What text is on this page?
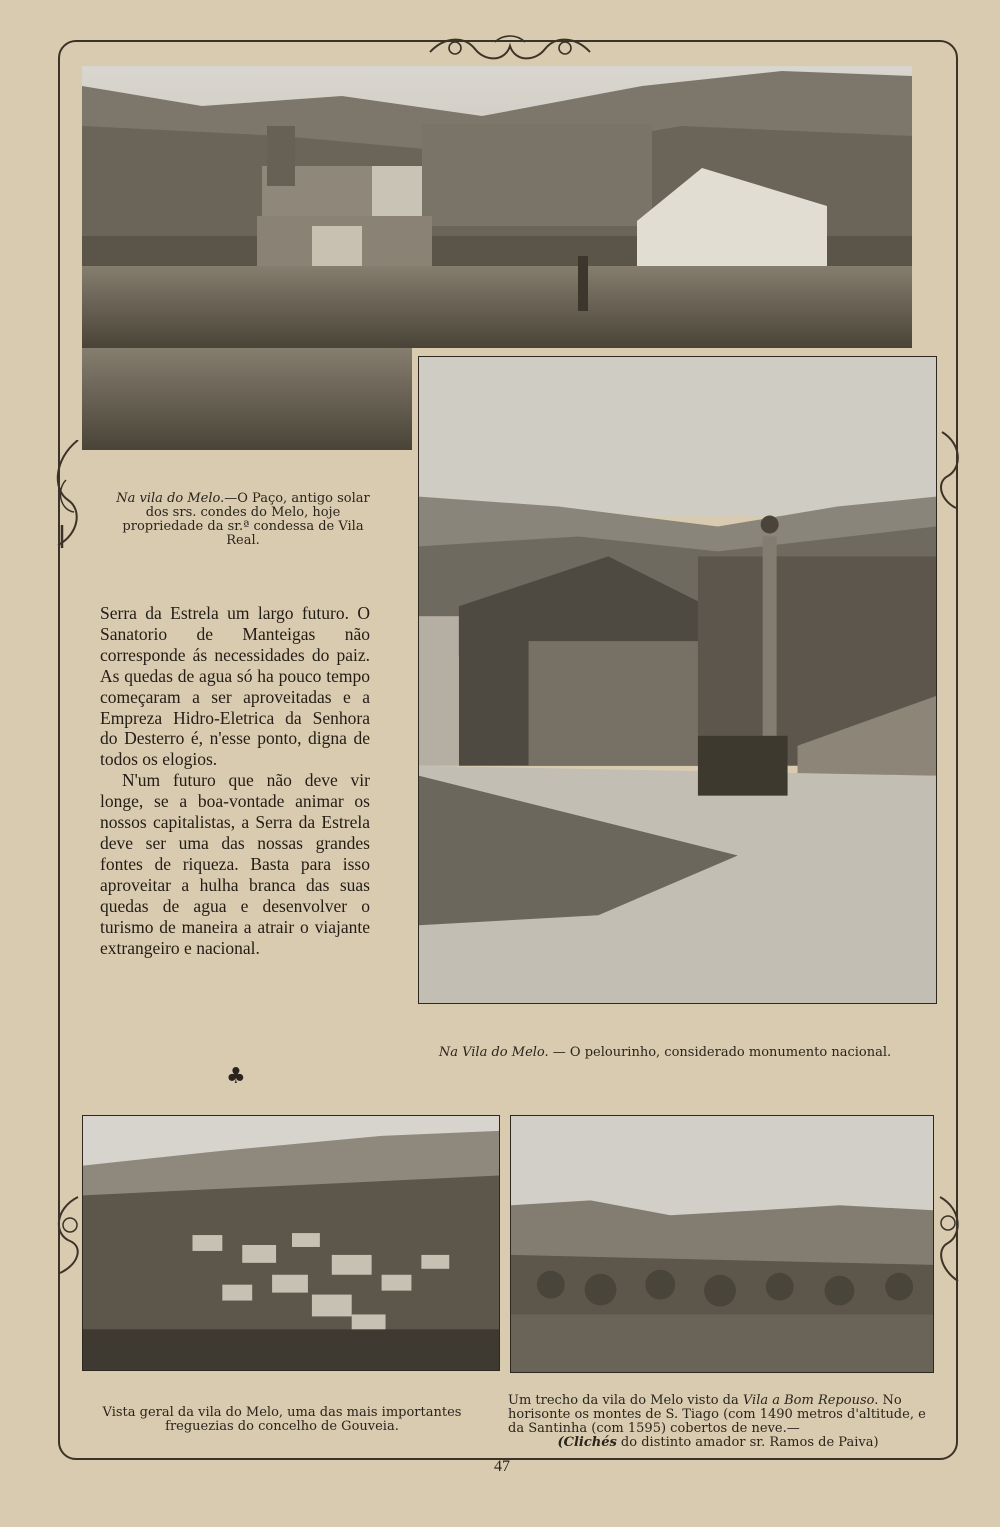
Na vila do Melo.—O Paço, antigo solar dos srs. condes do Melo, hoje propriedade da sr.ª condessa de Vila Real.

Serra da Estrela um largo futuro. O Sanatorio de Manteigas não corresponde ás necessidades do paiz. As quedas de agua só ha pouco tempo começaram a ser aproveitadas e a Empreza Hidro-Eletrica da Senhora do Desterro é, n'esse ponto, digna de todos os elogios.

N'um futuro que não deve vir longe, se a boa-vontade animar os nossos capitalistas, a Serra da Estrela deve ser uma das nossas grandes fontes de riqueza. Basta para isso aproveitar a hulha branca das suas quedas de agua e desenvolver o turismo de maneira a atrair o viajante extrangeiro e nacional.

♣
Na Vila do Melo. — O pelourinho, considerado monumento nacional.
Vista geral da vila do Melo, uma das mais importantes freguezias do concelho de Gouveia.
Um trecho da vila do Melo visto da Vila a Bom Repouso. No horisonte os montes de S. Tiago (com 1490 metros d'altitude, e da Santinha (com 1595) cobertos de neve.—
(Clichés do distinto amador sr. Ramos de Paiva)
47
